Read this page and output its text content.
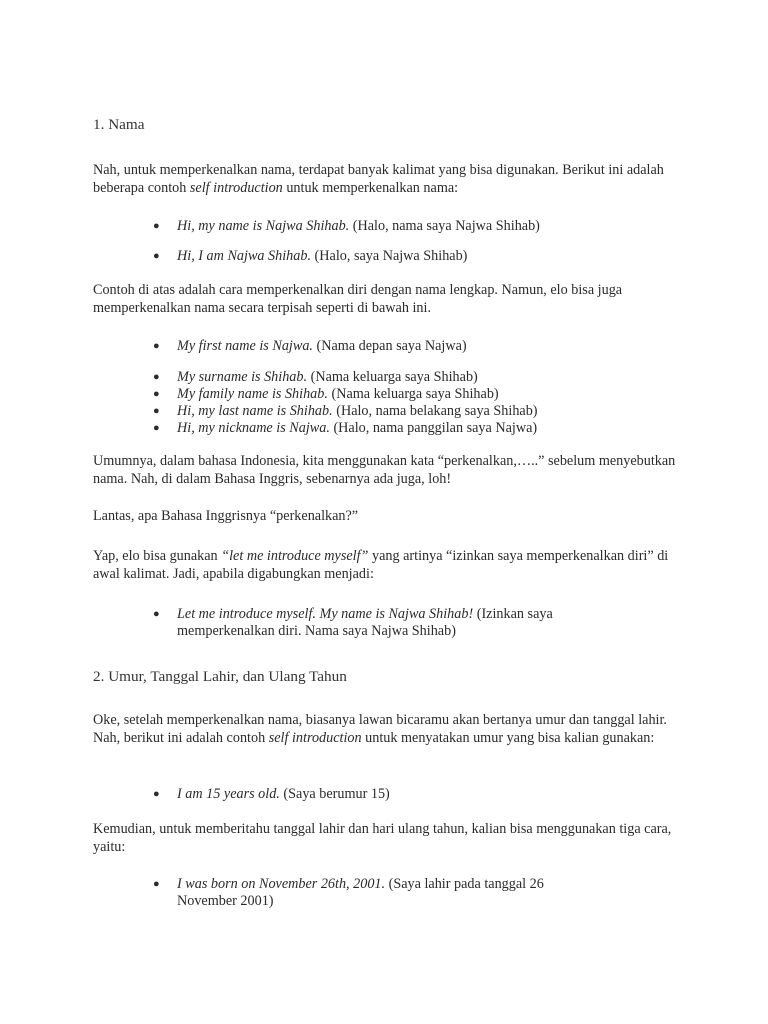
1. Nama
Nah, untuk memperkenalkan nama, terdapat banyak kalimat yang bisa digunakan. Berikut ini adalah beberapa contoh self introduction untuk memperkenalkan nama:
● Hi, my name is Najwa Shihab. (Halo, nama saya Najwa Shihab)
● Hi, I am Najwa Shihab. (Halo, saya Najwa Shihab)
Contoh di atas adalah cara memperkenalkan diri dengan nama lengkap. Namun, elo bisa juga memperkenalkan nama secara terpisah seperti di bawah ini.
● My first name is Najwa. (Nama depan saya Najwa)
● My surname is Shihab. (Nama keluarga saya Shihab)
● My family name is Shihab. (Nama keluarga saya Shihab)
● Hi, my last name is Shihab. (Halo, nama belakang saya Shihab)
● Hi, my nickname is Najwa. (Halo, nama panggilan saya Najwa)
Umumnya, dalam bahasa Indonesia, kita menggunakan kata “perkenalkan,…..” sebelum menyebutkan nama. Nah, di dalam Bahasa Inggris, sebenarnya ada juga, loh!
Lantas, apa Bahasa Inggrisnya “perkenalkan?”
Yap, elo bisa gunakan “let me introduce myself” yang artinya “izinkan saya memperkenalkan diri” di awal kalimat. Jadi, apabila digabungkan menjadi:
● Let me introduce myself. My name is Najwa Shihab! (Izinkan saya memperkenalkan diri. Nama saya Najwa Shihab)
2. Umur, Tanggal Lahir, dan Ulang Tahun
Oke, setelah memperkenalkan nama, biasanya lawan bicaramu akan bertanya umur dan tanggal lahir. Nah, berikut ini adalah contoh self introduction untuk menyatakan umur yang bisa kalian gunakan:
● I am 15 years old. (Saya berumur 15)
Kemudian, untuk memberitahu tanggal lahir dan hari ulang tahun, kalian bisa menggunakan tiga cara, yaitu:
● I was born on November 26th, 2001. (Saya lahir pada tanggal 26 November 2001)
